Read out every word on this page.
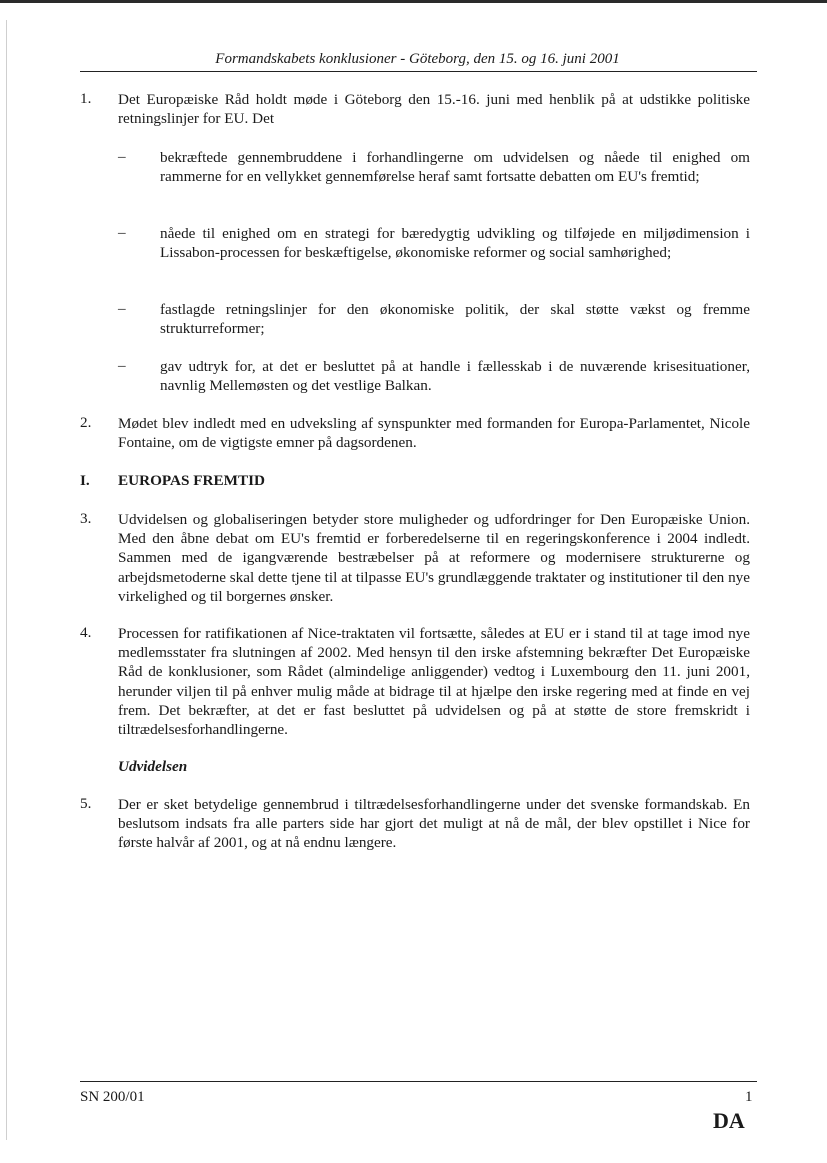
Formandskabets konklusioner - Göteborg, den 15. og 16. juni 2001
1. Det Europæiske Råd holdt møde i Göteborg den 15.-16. juni med henblik på at udstikke politiske retningslinjer for EU. Det
– bekræftede gennembruddene i forhandlingerne om udvidelsen og nåede til enighed om rammerne for en vellykket gennemførelse heraf samt fortsatte debatten om EU's fremtid;
– nåede til enighed om en strategi for bæredygtig udvikling og tilføjede en miljødimension i Lissabon-processen for beskæftigelse, økonomiske reformer og social samhørighed;
– fastlagde retningslinjer for den økonomiske politik, der skal støtte vækst og fremme strukturreformer;
– gav udtryk for, at det er besluttet på at handle i fællesskab i de nuværende krisesituationer, navnlig Mellemøsten og det vestlige Balkan.
2. Mødet blev indledt med en udveksling af synspunkter med formanden for Europa-Parlamentet, Nicole Fontaine, om de vigtigste emner på dagsordenen.
I. EUROPAS FREMTID
3. Udvidelsen og globaliseringen betyder store muligheder og udfordringer for Den Europæiske Union. Med den åbne debat om EU's fremtid er forberedelserne til en regeringskonference i 2004 indledt. Sammen med de igangværende bestræbelser på at reformere og modernisere strukturerne og arbejdsmetoderne skal dette tjene til at tilpasse EU's grundlæggende traktater og institutioner til den nye virkelighed og til borgernes ønsker.
4. Processen for ratifikationen af Nice-traktaten vil fortsætte, således at EU er i stand til at tage imod nye medlemsstater fra slutningen af 2002. Med hensyn til den irske afstemning bekræfter Det Europæiske Råd de konklusioner, som Rådet (almindelige anliggender) vedtog i Luxembourg den 11. juni 2001, herunder viljen til på enhver mulig måde at bidrage til at hjælpe den irske regering med at finde en vej frem. Det bekræfter, at det er fast besluttet på udvidelsen og på at støtte de store fremskridt i tiltrædelsesforhandlingerne.
Udvidelsen
5. Der er sket betydelige gennembrud i tiltrædelsesforhandlingerne under det svenske formandskab. En beslutsom indsats fra alle parters side har gjort det muligt at nå de mål, der blev opstillet i Nice for første halvår af 2001, og at nå endnu længere.
SN 200/01	1
DA
